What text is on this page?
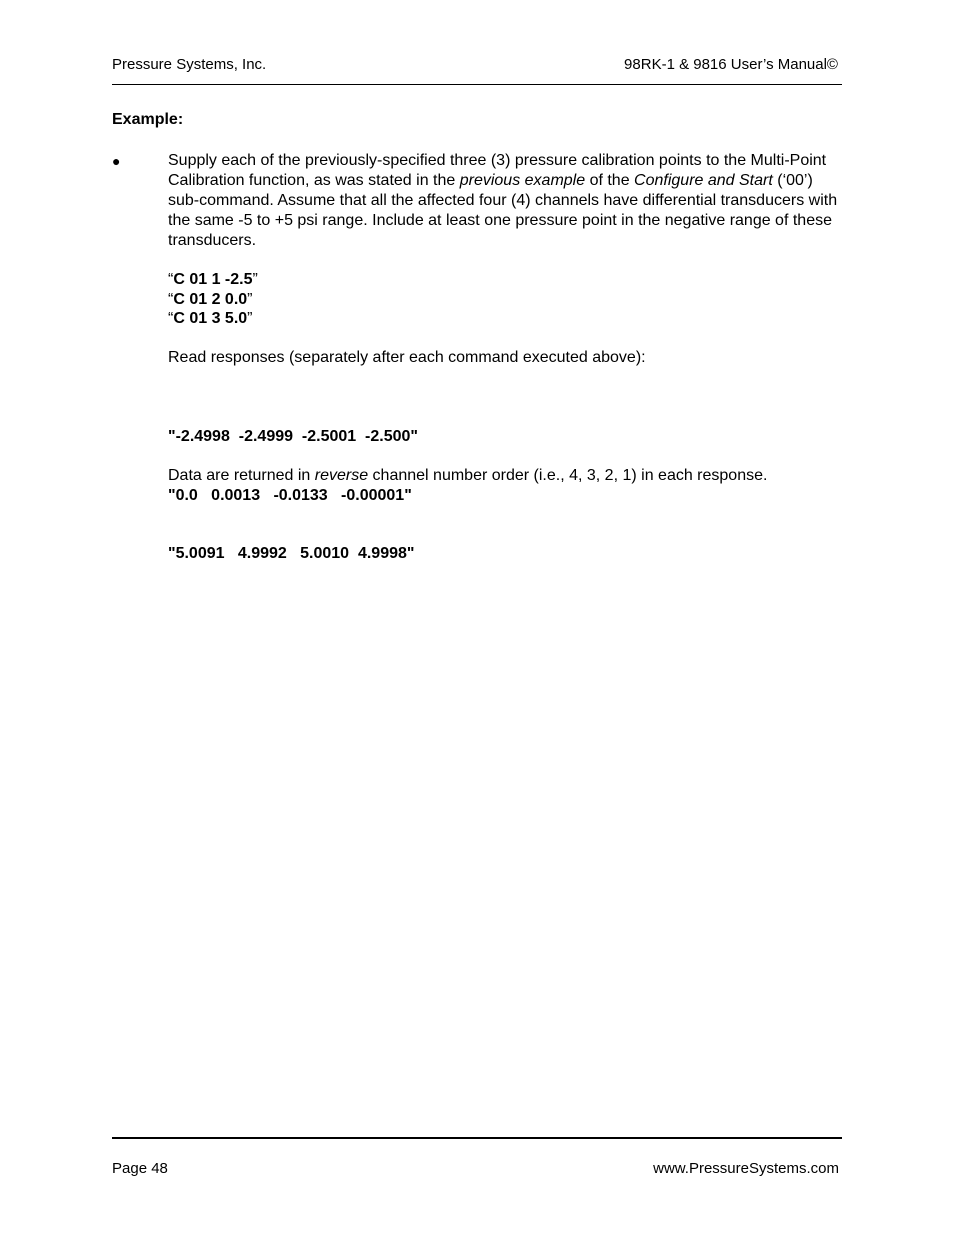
Pressure Systems, Inc.	98RK-1 & 9816 User’s Manual©
Example:
●	Supply each of the previously-specified three (3) pressure calibration points to the Multi-Point Calibration function, as was stated in the previous example of the Configure and Start (‘00’) sub-command. Assume that all the affected four (4) channels have differential transducers with the same -5 to +5 psi range. Include at least one pressure point in the negative range of these transducers.
“C 01 1 -2.5”
“C 01 2 0.0”
“C 01 3 5.0”
Read responses (separately after each command executed above):

"-2.4998  -2.4999  -2.5001  -2.500"

"0.0   0.0013   -0.0133   -0.00001"

"5.0091   4.9992   5.0010  4.9998"

Data are returned in reverse channel number order (i.e., 4, 3, 2, 1) in each response.
Page 48	www.PressureSystems.com
